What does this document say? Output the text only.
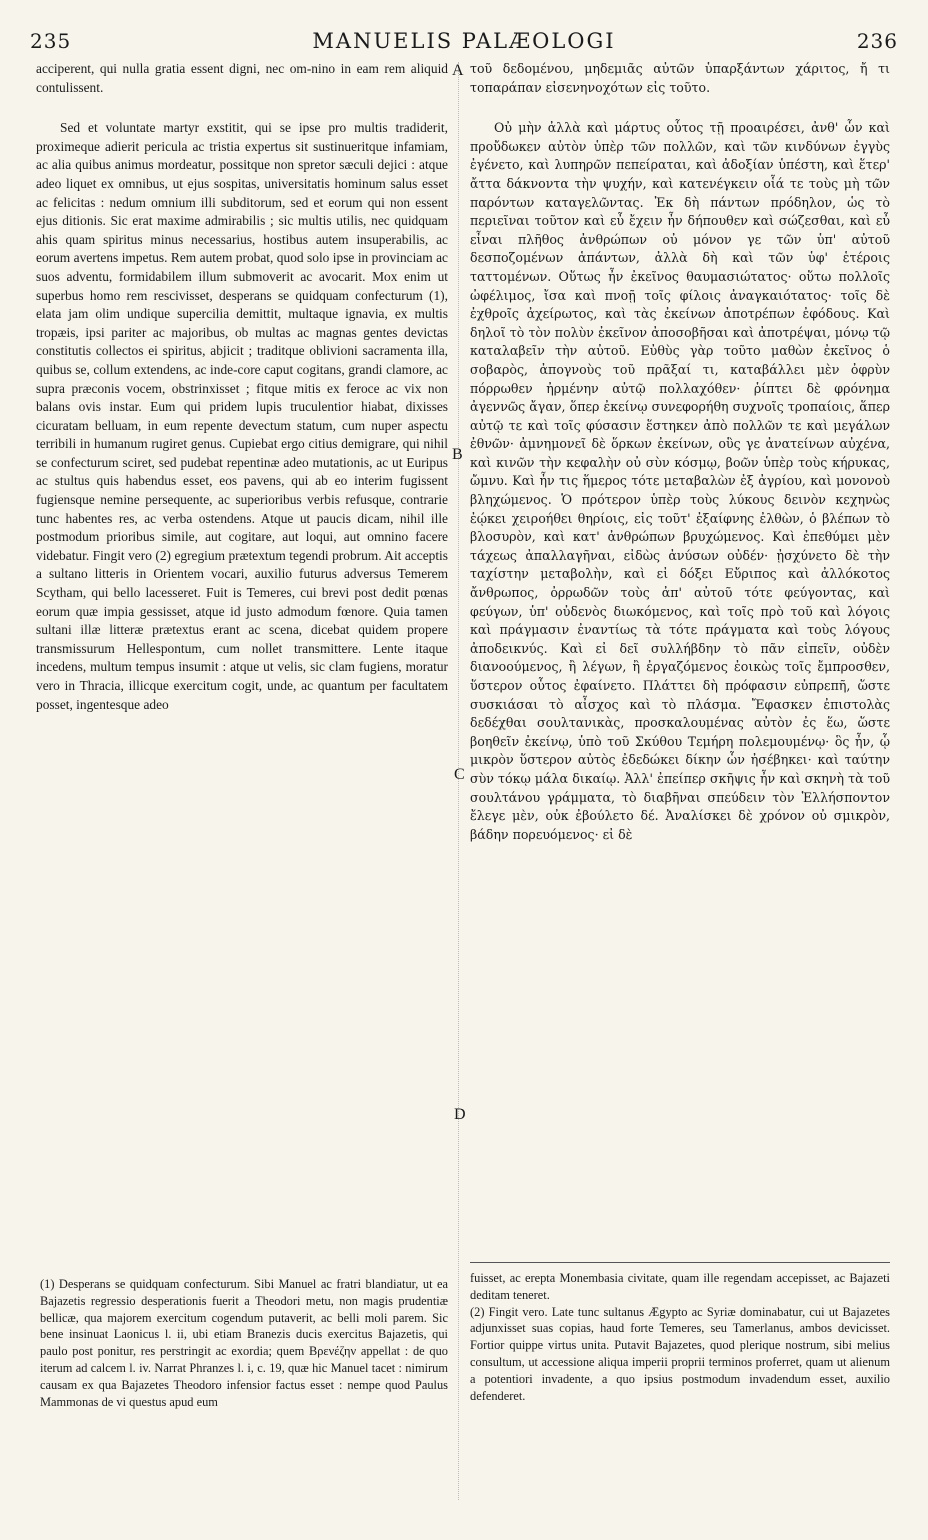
235	MANUELIS PALÆOLOGI	236

acciperent, qui nulla gratia essent digni, nec om-nino in eam rem aliquid contulissent.

Sed et voluntate martyr exstitit, qui se ipse pro multis tradiderit, proximeque adierit pericula ac tristia expertus sit sustinueritque infamiam, ac alia quibus animus mordeatur, possitque non spretor sæculi dejici : atque adeo liquet ex omnibus, ut ejus sospitas, universitatis hominum salus esset ac felicitas : nedum omnium illi subditorum, sed et eorum qui non essent ejus ditionis. Sic erat maxime admirabilis ; sic multis utilis, nec quidquam ahis quam spiritus minus necessarius, hostibus autem insuperabilis, ac eorum avertens impetus. Rem autem probat, quod solo ipse in provinciam ac suos adventu, formidabilem illum submoverit ac avocarit. Mox enim ut superbus homo rem rescivisset, desperans se quidquam confecturum (1), elata jam olim undique supercilia demittit, multaque ignavia, ex multis tropæis, ipsi pariter ac majoribus, ob multas ac magnas gentes devictas constitutis collectos ei spiritus, abjicit ; traditque oblivioni sacramenta illa, quibus se, collum extendens, ac inde-core caput cogitans, grandi clamore, ac supra præconis vocem, obstrinxisset ; fitque mitis ex feroce ac vix non balans ovis instar. Eum qui pridem lupis truculentior hiabat, dixisses cicuratam belluam, in eum repente devectum statum, cum nuper aspectu terribili in humanum rugiret genus. Cupiebat ergo citius demigrare, qui nihil se confecturum sciret, sed pudebat repentinæ adeo mutationis, ac ut Euripus ac stultus quis habendus esset, eos pavens, qui ab eo interim fugissent fugiensque nemine persequente, ac superioribus verbis refusque, contrarie tunc habentes res, ac verba ostendens. Atque ut paucis dicam, nihil ille postmodum prioribus simile, aut cogitare, aut loqui, aut omnino facere videbatur. Fingit vero (2) egregium prætextum tegendi probrum. Ait acceptis a sultano litteris in Orientem vocari, auxilio futurus adversus Temerem Scytham, qui bello lacesseret. Fuit is Temeres, cui brevi post dedit pœnas eorum quæ impia gessisset, atque id justo admodum fœnore. Quia tamen sultani illæ litteræ prætextus erant ac scena, dicebat quidem propere transmissurum Hellespontum, cum nollet transmittere. Lente itaque incedens, multum tempus insumit : atque ut velis, sic clam fugiens, moratur vero in Thracia, illicque exercitum cogit, unde, ac quantum per facultatem posset, ingentesque adeo

τοῦ δεδομένου, μηδεμιᾶς αὐτῶν ὑπαρξάντων χάριτος, ἤ τι τοπαράπαν εἰσενηνοχότων εἰς τοῦτο.

Οὐ μὴν ἀλλὰ καὶ μάρτυς οὗτος τῇ προαιρέσει, ἀνθ' ὧν καὶ προὔδωκεν αὐτὸν ὑπὲρ τῶν πολλῶν, καὶ τῶν κινδύνων ἐγγὺς ἐγένετο, καὶ λυπηρῶν πεπείραται, καὶ ἀδοξίαν ὑπέστη, καὶ ἕτερ' ἄττα δάκνοντα τὴν ψυχήν, καὶ κατενέγκειν οἷά τε τοὺς μὴ τῶν παρόντων καταγελῶντας. Ἐκ δὴ πάντων πρόδηλον, ὡς τὸ περιεῖναι τοῦτον καὶ εὖ ἔχειν ἦν δήπουθεν καὶ σώζεσθαι, καὶ εὖ εἶναι πλῆθος ἀνθρώπων οὐ μόνον γε τῶν ὑπ' αὐτοῦ δεσποζομένων ἁπάντων, ἀλλὰ δὴ καὶ τῶν ὑφ' ἑτέροις ταττομένων. Οὕτως ἦν ἐκεῖνος θαυμασιώτατος· οὕτω πολλοῖς ὠφέλιμος, ἴσα καὶ πνοῇ τοῖς φίλοις ἀναγκαιότατος· τοῖς δὲ ἐχθροῖς ἀχείρωτος, καὶ τὰς ἐκείνων ἀποτρέπων ἐφόδους. Καὶ δηλοῖ τὸ τὸν πολὺν ἐκεῖνον ἀποσοβῆσαι καὶ ἀποτρέψαι, μόνῳ τῷ καταλαβεῖν τὴν αὐτοῦ. Εὐθὺς γὰρ τοῦτο μαθὼν ἐκεῖνος ὁ σοβαρὸς, ἀπογνοὺς τοῦ πρᾶξαί τι, καταβάλλει μὲν ὀφρὺν πόρρωθεν ἠρμένην αὐτῷ πολλαχόθεν· ῥίπτει δὲ φρόνημα ἀγεννῶς ἄγαν, ὅπερ ἐκείνῳ συνεφορήθη συχνοῖς τροπαίοις, ἅπερ αὐτῷ τε καὶ τοῖς φύσασιν ἕστηκεν ἀπὸ πολλῶν τε καὶ μεγάλων ἐθνῶν· ἀμνημονεῖ δὲ ὅρκων ἐκείνων, οὓς γε ἀνατείνων αὐχένα, καὶ κινῶν τὴν κεφαλὴν οὐ σὺν κόσμῳ, βοῶν ὑπὲρ τοὺς κήρυκας, ὤμνυ. Καὶ ἦν τις ἥμερος τότε μεταβαλὼν ἐξ ἀγρίου, καὶ μονονοὺ βληχώμενος. Ὁ πρότερον ὑπὲρ τοὺς λύκους δεινὸν κεχηνὼς ἐῴκει χειροήθει θηρίοις, εἰς τοῦτ' ἐξαίφνης ἐλθὼν, ὁ βλέπων τὸ βλοσυρὸν, καὶ κατ' ἀνθρώπων βρυχώμενος. Καὶ ἐπεθύμει μὲν τάχεως ἀπαλλαγῆναι, εἰδὼς ἀνύσων οὐδέν· ᾐσχύνετο δὲ τὴν ταχίστην μεταβολὴν, καὶ εἰ δόξει Εὔριπος καὶ ἀλλόκοτος ἄνθρωπος, ὀρρωδῶν τοὺς ἀπ' αὐτοῦ τότε φεύγοντας, καὶ φεύγων, ὑπ' οὐδενὸς διωκόμενος, καὶ τοῖς πρὸ τοῦ καὶ λόγοις καὶ πράγμασιν ἐναντίως τὰ τότε πράγματα καὶ τοὺς λόγους ἀποδεικνύς. Καὶ εἰ δεῖ συλλήβδην τὸ πᾶν εἰπεῖν, οὐδὲν διανοούμενος, ἢ λέγων, ἢ ἐργαζόμενος ἐοικὼς τοῖς ἔμπροσθεν, ὕστερον οὗτος ἐφαίνετο. Πλάττει δὴ πρόφασιν εὐπρεπῆ, ὥστε συσκιάσαι τὸ αἶσχος καὶ τὸ πλάσμα. Ἔφασκεν ἐπιστολὰς δεδέχθαι σουλτανικὰς, προσκαλουμένας αὐτὸν ἐς ἕω, ὥστε βοηθεῖν ἐκείνῳ, ὑπὸ τοῦ Σκύθου Τεμήρη πολεμουμένῳ· ὃς ἦν, ᾧ μικρὸν ὕστερον αὐτὸς ἐδεδώκει δίκην ὧν ἠσέβηκει· καὶ ταύτην σὺν τόκῳ μάλα δικαίῳ. Ἀλλ' ἐπείπερ σκῆψις ἦν καὶ σκηνὴ τὰ τοῦ σουλτάνου γράμματα, τὸ διαβῆναι σπεύδειν τὸν Ἑλλήσποντον ἔλεγε μὲν, οὐκ ἐβούλετο δέ. Ἀναλίσκει δὲ χρόνον οὐ σμικρὸν, βάδην πορευόμενος· εἰ δὲ

A
B
C
D
(1) Desperans se quidquam confecturum. Sibi Manuel ac fratri blandiatur, ut ea Bajazetis regressio desperationis fuerit a Theodori metu, non magis prudentiæ bellicæ, qua majorem exercitum cogendum putaverit, ac belli moli parem. Sic bene insinuat Laonicus l. ii, ubi etiam Branezis ducis exercitus Bajazetis, qui paulo post ponitur, res perstringit ac exordia; quem Βρενέζην appellat : de quo iterum ad calcem l. iv. Narrat Phranzes l. i, c. 19, quæ hic Manuel tacet : nimirum causam ex qua Bajazetes Theodoro infensior factus esset : nempe quod Paulus Mammonas de vi questus apud eum
fuisset, ac erepta Monembasia civitate, quam ille regendam accepisset, ac Bajazeti deditam teneret.
(2) Fingit vero. Late tunc sultanus Ægypto ac Syriæ dominabatur, cui ut Bajazetes adjunxisset suas copias, haud forte Temeres, seu Tamerlanus, ambos devicisset. Fortior quippe virtus unita. Putavit Bajazetes, quod plerique nostrum, sibi melius consultum, ut accessione aliqua imperii proprii terminos proferret, quam ut alienum a potentiori invadente, a quo ipsius postmodum invadendum esset, auxilio defenderet.
